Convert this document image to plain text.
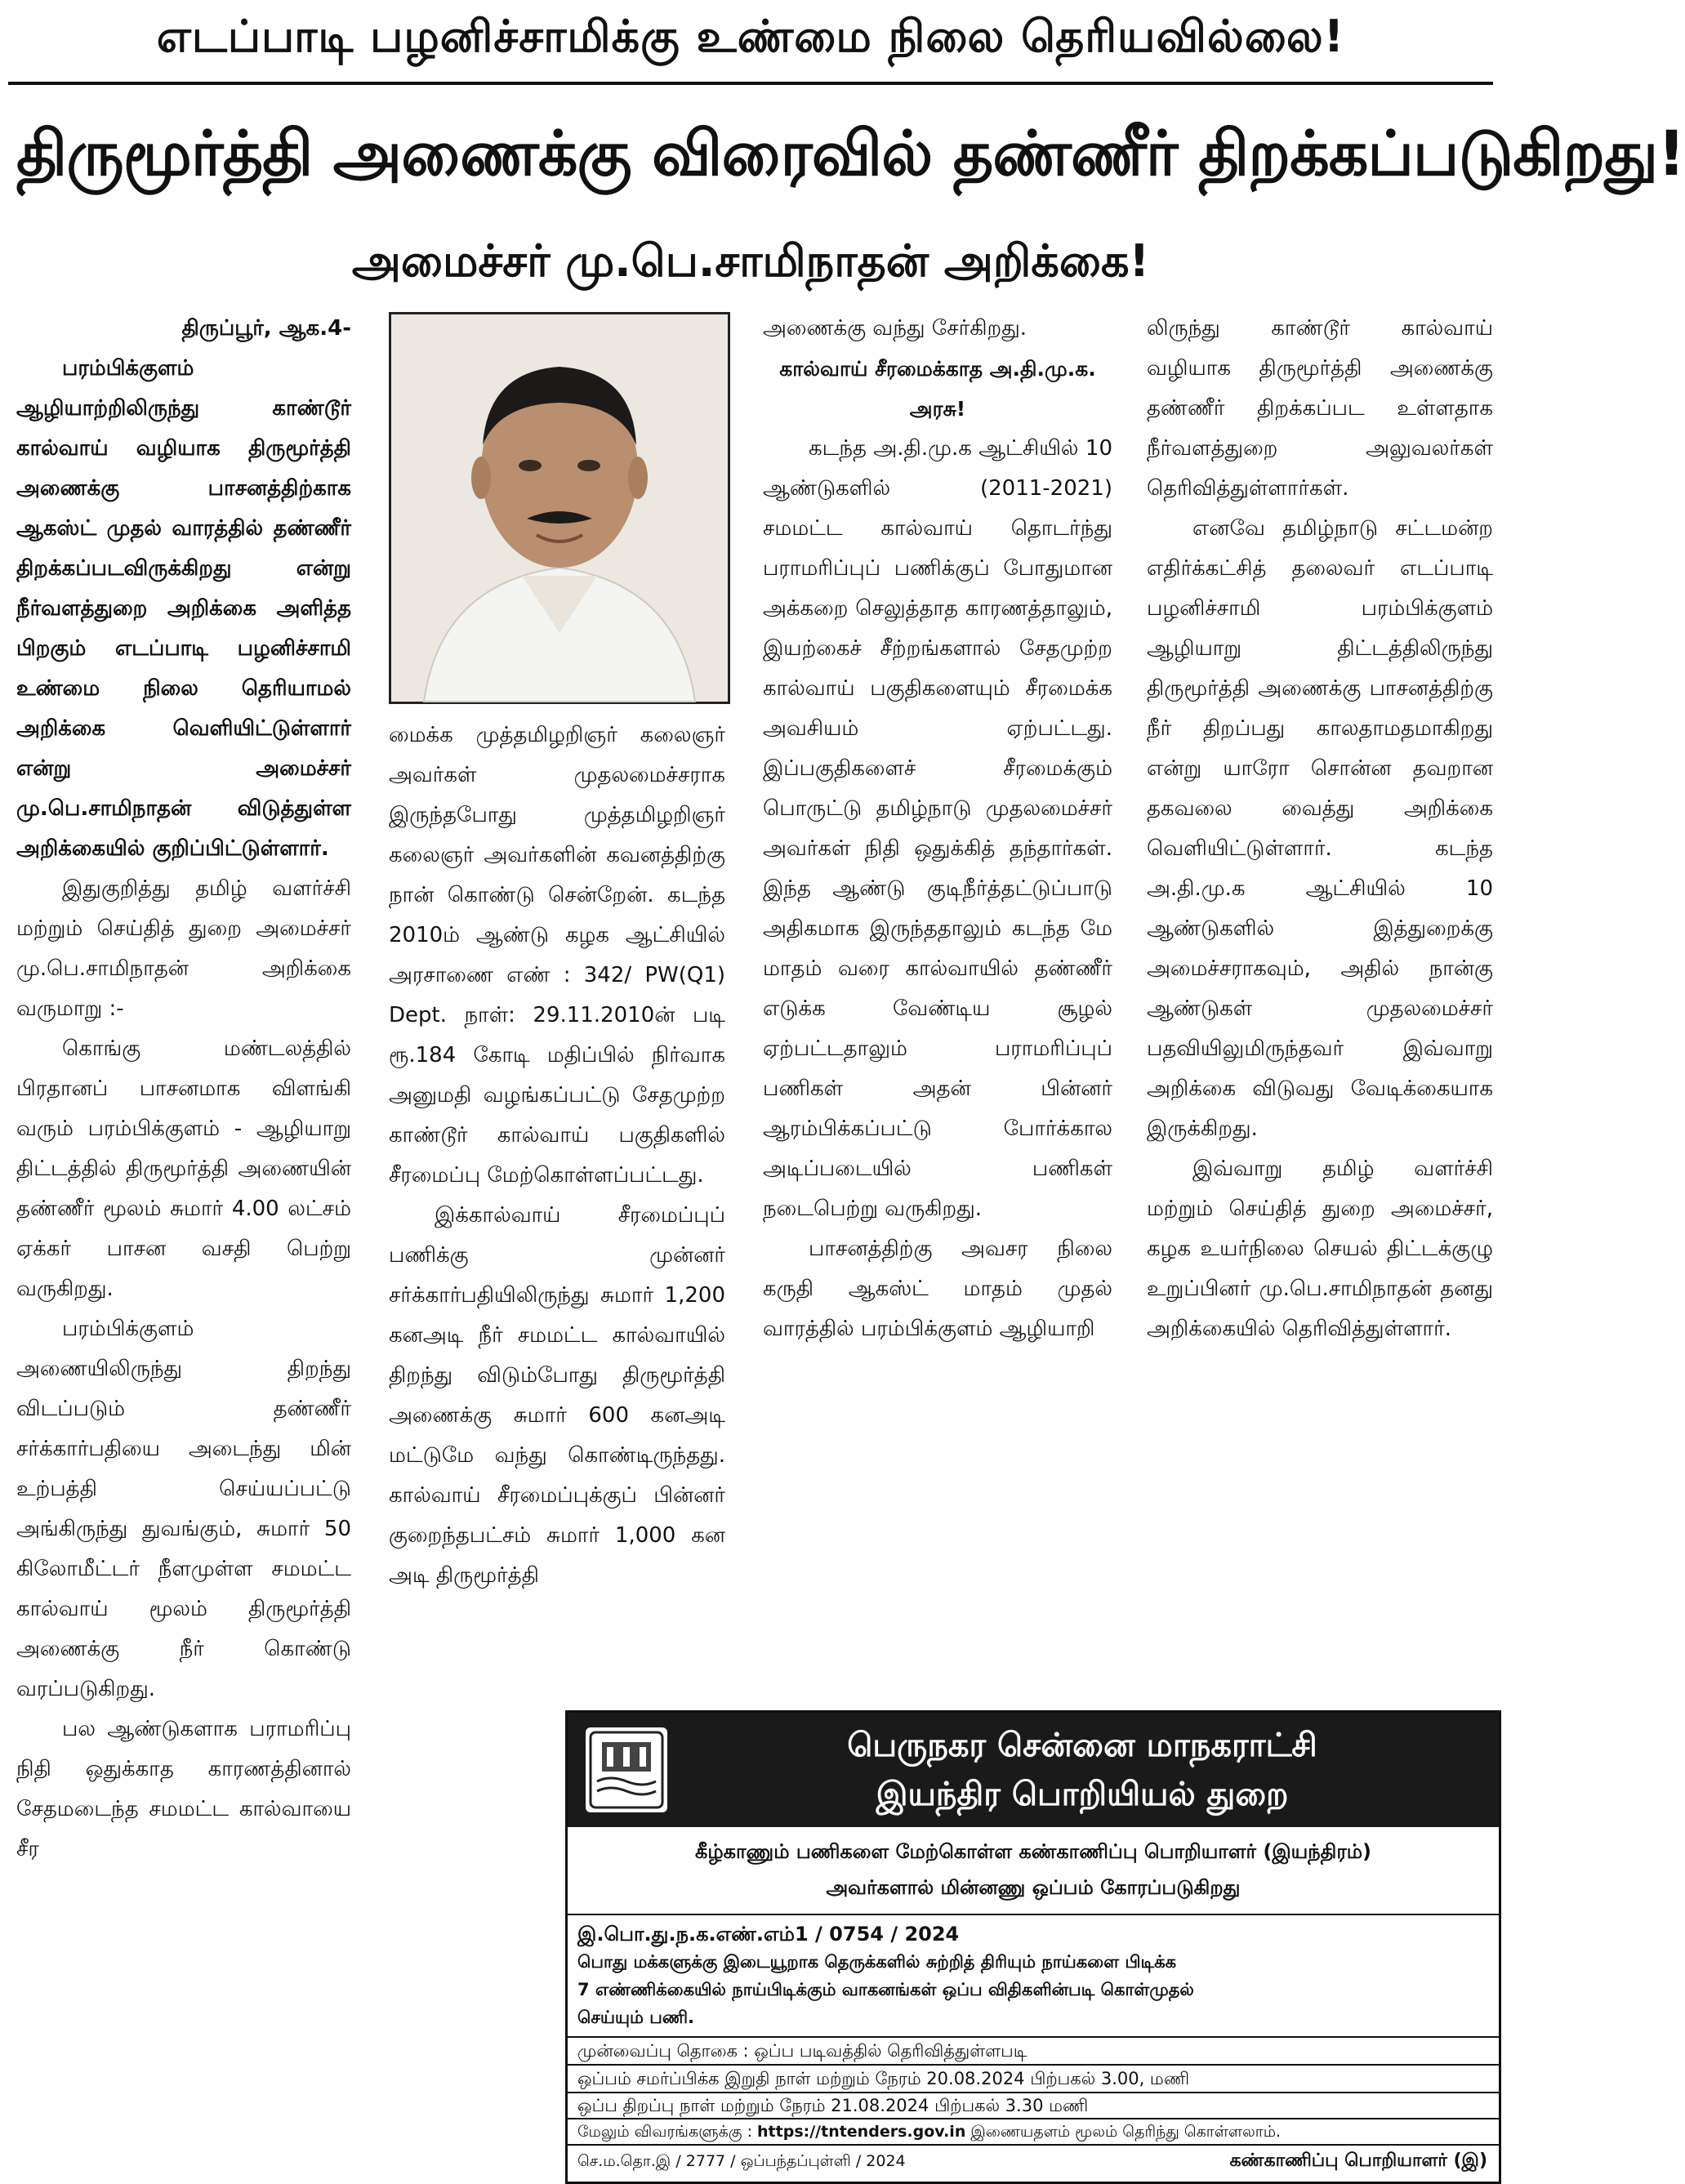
எடப்பாடி பழனிச்சாமிக்கு உண்மை நிலை தெரியவில்லை!
திருமூர்த்தி அணைக்கு விரைவில் தண்ணீர் திறக்கப்படுகிறது!
அமைச்சர் மு.பெ.சாமிநாதன் அறிக்கை!

திருப்பூர், ஆக.4-

பரம்பிக்குளம் ஆழியாற்றிலிருந்து காண்டூர் கால்வாய் வழியாக திருமூர்த்தி அணைக்கு பாசனத்திற்காக ஆகஸ்ட் முதல் வாரத்தில் தண்ணீர் திறக்கப்படவிருக்கிறது என்று நீர்வளத்துறை அறிக்கை அளித்த பிறகும் எடப்பாடி பழனிச்சாமி உண்மை நிலை தெரியாமல் அறிக்கை வெளியிட்டுள்ளார் என்று அமைச்சர் மு.பெ.சாமிநாதன் விடுத்துள்ள அறிக்கையில் குறிப்பிட்டுள்ளார்.

இதுகுறித்து தமிழ் வளர்ச்சி மற்றும் செய்தித் துறை அமைச்சர் மு.பெ.சாமிநாதன் அறிக்கை வருமாறு :-

கொங்கு மண்டலத்தில் பிரதானப் பாசனமாக விளங்கி வரும் பரம்பிக்குளம் - ஆழியாறு திட்டத்தில் திருமூர்த்தி அணையின் தண்ணீர் மூலம் சுமார் 4.00 லட்சம் ஏக்கர் பாசன வசதி பெற்று வருகிறது.

பரம்பிக்குளம் அணையிலிருந்து திறந்து விடப்படும் தண்ணீர் சர்க்கார்பதியை அடைந்து மின் உற்பத்தி செய்யப்பட்டு அங்கிருந்து துவங்கும், சுமார் 50 கிலோமீட்டர் நீளமுள்ள சமமட்ட கால்வாய் மூலம் திருமூர்த்தி அணைக்கு நீர் கொண்டு வரப்படுகிறது.

பல ஆண்டுகளாக பராமரிப்பு நிதி ஒதுக்காத காரணத்தினால் சேதமடைந்த சமமட்ட கால்வாயை சீர

மைக்க முத்தமிழறிஞர் கலைஞர் அவர்கள் முதலமைச்சராக இருந்தபோது முத்தமிழறிஞர் கலைஞர் அவர்களின் கவனத்திற்கு நான் கொண்டு சென்றேன். கடந்த 2010ம் ஆண்டு கழக ஆட்சியில் அரசாணை எண் : 342/ PW(Q1) Dept. நாள்: 29.11.2010ன் படி ரூ.184 கோடி மதிப்பில் நிர்வாக அனுமதி வழங்கப்பட்டு சேதமுற்ற காண்டூர் கால்வாய் பகுதிகளில் சீரமைப்பு மேற்கொள்ளப்பட்டது.

இக்கால்வாய் சீரமைப்புப் பணிக்கு முன்னர் சர்க்கார்பதியிலிருந்து சுமார் 1,200 கனஅடி நீர் சமமட்ட கால்வாயில் திறந்து விடும்போது திருமூர்த்தி அணைக்கு சுமார் 600 கனஅடி மட்டுமே வந்து கொண்டிருந்தது. கால்வாய் சீரமைப்புக்குப் பின்னர் குறைந்தபட்சம் சுமார் 1,000 கன அடி திருமூர்த்தி

அணைக்கு வந்து சேர்கிறது.

கால்வாய் சீரமைக்காத அ.தி.மு.க. அரசு!

கடந்த அ.தி.மு.க ஆட்சியில் 10 ஆண்டுகளில் (2011-2021) சமமட்ட கால்வாய் தொடர்ந்து பராமரிப்புப் பணிக்குப் போதுமான அக்கறை செலுத்தாத காரணத்தாலும், இயற்கைச் சீற்றங்களால் சேதமுற்ற கால்வாய் பகுதிகளையும் சீரமைக்க அவசியம் ஏற்பட்டது. இப்பகுதிகளைச் சீரமைக்கும் பொருட்டு தமிழ்நாடு முதலமைச்சர் அவர்கள் நிதி ஒதுக்கித் தந்தார்கள். இந்த ஆண்டு குடிநீர்த்தட்டுப்பாடு அதிகமாக இருந்ததாலும் கடந்த மே மாதம் வரை கால்வாயில் தண்ணீர் எடுக்க வேண்டிய சூழல் ஏற்பட்டதாலும் பராமரிப்புப் பணிகள் அதன் பின்னர் ஆரம்பிக்கப்பட்டு போர்க்கால அடிப்படையில் பணிகள் நடைபெற்று வருகிறது.

பாசனத்திற்கு அவசர நிலை கருதி ஆகஸ்ட் மாதம் முதல் வாரத்தில் பரம்பிக்குளம் ஆழியாறி

லிருந்து காண்டூர் கால்வாய் வழியாக திருமூர்த்தி அணைக்கு தண்ணீர் திறக்கப்பட உள்ளதாக நீர்வளத்துறை அலுவலர்கள் தெரிவித்துள்ளார்கள்.

எனவே தமிழ்நாடு சட்டமன்ற எதிர்க்கட்சித் தலைவர் எடப்பாடி பழனிச்சாமி பரம்பிக்குளம் ஆழியாறு திட்டத்திலிருந்து திருமூர்த்தி அணைக்கு பாசனத்திற்கு நீர் திறப்பது காலதாமதமாகிறது என்று யாரோ சொன்ன தவறான தகவலை வைத்து அறிக்கை வெளியிட்டுள்ளார். கடந்த அ.தி.மு.க ஆட்சியில் 10 ஆண்டுகளில் இத்துறைக்கு அமைச்சராகவும், அதில் நான்கு ஆண்டுகள் முதலமைச்சர் பதவியிலுமிருந்தவர் இவ்வாறு அறிக்கை விடுவது வேடிக்கையாக இருக்கிறது.

இவ்வாறு தமிழ் வளர்ச்சி மற்றும் செய்தித் துறை அமைச்சர், கழக உயர்நிலை செயல் திட்டக்குழு உறுப்பினர் மு.பெ.சாமிநாதன் தனது அறிக்கையில் தெரிவித்துள்ளார்.

பெருநகர சென்னை மாநகராட்சி
இயந்திர பொறியியல் துறை
கீழ்காணும் பணிகளை மேற்கொள்ள கண்காணிப்பு பொறியாளர் (இயந்திரம்)
அவர்களால் மின்னணு ஒப்பம் கோரப்படுகிறது
இ.பொ.து.ந.க.எண்.எம்1 / 0754 / 2024
பொது மக்களுக்கு இடையூறாக தெருக்களில் சுற்றித் திரியும் நாய்களை பிடிக்க
7 எண்ணிக்கையில் நாய்பிடிக்கும் வாகனங்கள் ஒப்ப விதிகளின்படி கொள்முதல்
செய்யும் பணி.
முன்வைப்பு தொகை : ஒப்ப படிவத்தில் தெரிவித்துள்ளபடி
ஒப்பம் சமர்ப்பிக்க இறுதி நாள் மற்றும் நேரம் 20.08.2024 பிற்பகல் 3.00, மணி
ஒப்ப திறப்பு நாள் மற்றும் நேரம் 21.08.2024 பிற்பகல் 3.30 மணி
மேலும் விவரங்களுக்கு : https://tntenders.gov.in இணையதளம் மூலம் தெரிந்து கொள்ளலாம்.
செ.ம.தொ.இ / 2777 / ஒப்பந்தப்புள்ளி / 2024	கண்காணிப்பு பொறியாளர் (இ)
